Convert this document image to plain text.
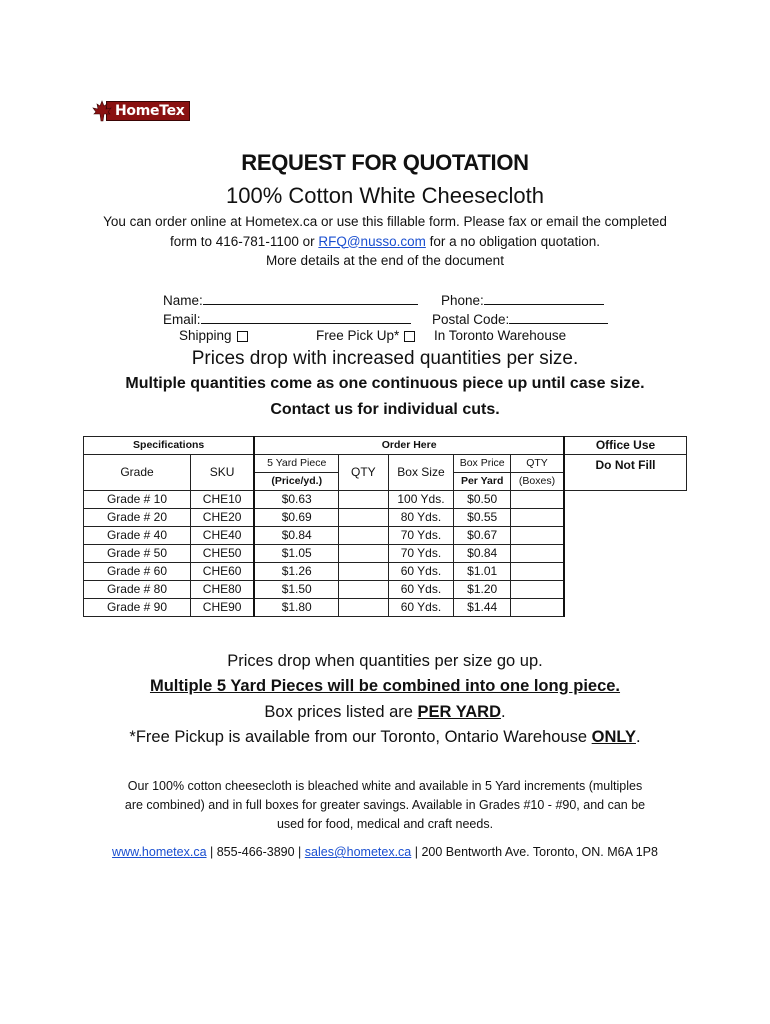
HomeTex
REQUEST FOR QUOTATION
100% Cotton White Cheesecloth
You can order online at Hometex.ca or use this fillable form. Please fax or email the completed
form to 416-781-1100 or RFQ@nusso.com for a no obligation quotation.
More details at the end of the document
Name:	Phone:
Email:	Postal Code:
Shipping	Free Pick Up*	In Toronto Warehouse
Prices drop with increased quantities per size.
Multiple quantities come as one continuous piece up until case size.
Contact us for individual cuts.
Specifications		Order Here					Office Use
Grade	SKU	5 Yard Piece	QTY	Box Size	Box Price	QTY	Do Not Fill
		(Price/yd.)			Per Yard	(Boxes)	
Grade # 10	CHE10	$0.63		100 Yds.	$0.50		
Grade # 20	CHE20	$0.69		80 Yds.	$0.55		
Grade # 40	CHE40	$0.84		70 Yds.	$0.67		
Grade # 50	CHE50	$1.05		70 Yds.	$0.84		
Grade # 60	CHE60	$1.26		60 Yds.	$1.01		
Grade # 80	CHE80	$1.50		60 Yds.	$1.20		
Grade # 90	CHE90	$1.80		60 Yds.	$1.44		
Prices drop when quantities per size go up.
Multiple 5 Yard Pieces will be combined into one long piece.
Box prices listed are PER YARD.
*Free Pickup is available from our Toronto, Ontario Warehouse ONLY.
Our 100% cotton cheesecloth is bleached white and available in 5 Yard increments (multiples
are combined) and in full boxes for greater savings. Available in Grades #10 - #90, and can be
used for food, medical and craft needs.
www.hometex.ca | 855-466-3890 | sales@hometex.ca | 200 Bentworth Ave. Toronto, ON. M6A 1P8
